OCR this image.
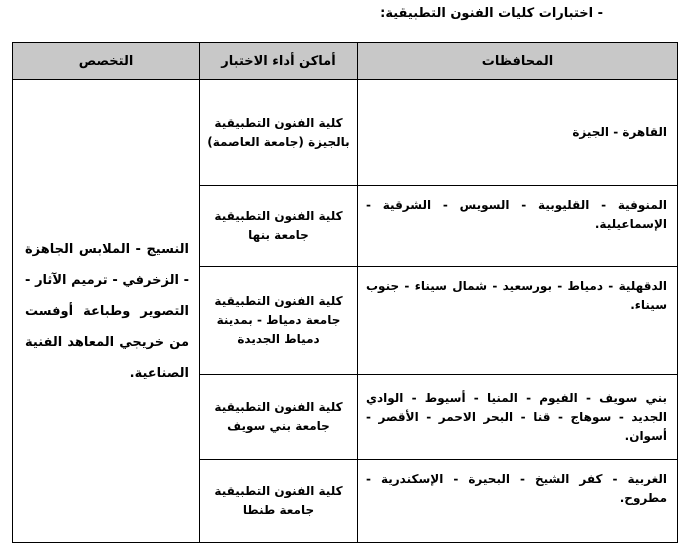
- اختبارات كليات الفنون التطبيقية:
المحافظات	أماكن أداء الاختبار	التخصص
القاهرة - الجيزة	كلية الفنون التطبيقية بالجيزة (جامعة العاصمة)	النسيج - الملابس الجاهزة - الزخرفي - ترميم الآثار - التصوير وطباعة أوفست من خريجي المعاهد الفنية الصناعية.
المنوفية - القليوبية - السويس - الشرقية - الإسماعيلية.	كلية الفنون التطبيقية جامعة بنها	
الدقهلية - دمياط - بورسعيد - شمال سيناء - جنوب سيناء.	كلية الفنون التطبيقية جامعة دمياط - بمدينة دمياط الجديدة	
بني سويف - الفيوم - المنيا - أسيوط - الوادي الجديد - سوهاج - قنا - البحر الاحمر - الأقصر - أسوان.	كلية الفنون التطبيقية جامعة بني سويف	
الغربية - كفر الشيخ - البحيرة - الإسكندرية - مطروح.	كلية الفنون التطبيقية جامعة طنطا	
